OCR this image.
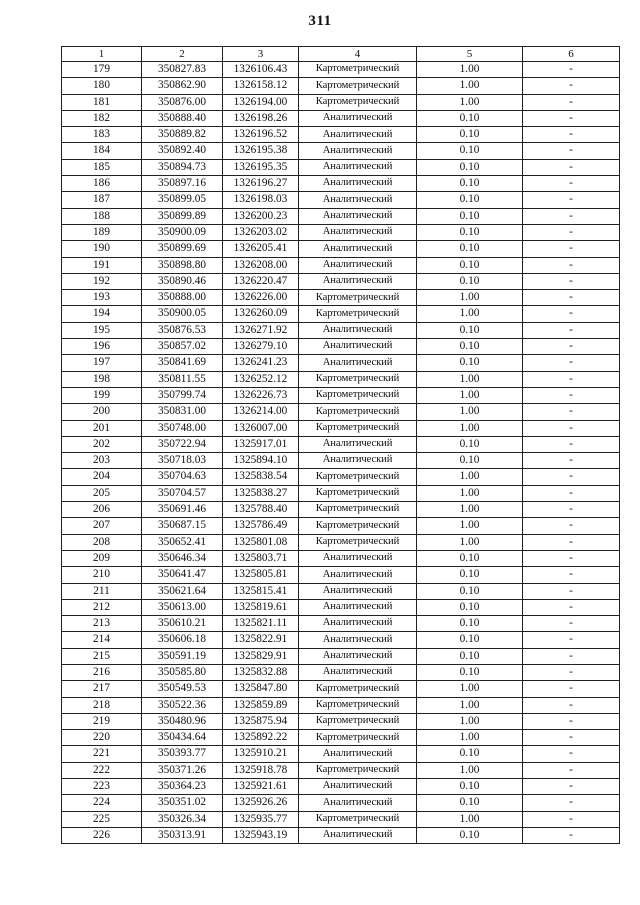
311
1	2	3	4	5	6
179	350827.83	1326106.43	Картометрический	1.00	-
180	350862.90	1326158.12	Картометрический	1.00	-
181	350876.00	1326194.00	Картометрический	1.00	-
182	350888.40	1326198.26	Аналитический	0.10	-
183	350889.82	1326196.52	Аналитический	0.10	-
184	350892.40	1326195.38	Аналитический	0.10	-
185	350894.73	1326195.35	Аналитический	0.10	-
186	350897.16	1326196.27	Аналитический	0.10	-
187	350899.05	1326198.03	Аналитический	0.10	-
188	350899.89	1326200.23	Аналитический	0.10	-
189	350900.09	1326203.02	Аналитический	0.10	-
190	350899.69	1326205.41	Аналитический	0.10	-
191	350898.80	1326208.00	Аналитический	0.10	-
192	350890.46	1326220.47	Аналитический	0.10	-
193	350888.00	1326226.00	Картометрический	1.00	-
194	350900.05	1326260.09	Картометрический	1.00	-
195	350876.53	1326271.92	Аналитический	0.10	-
196	350857.02	1326279.10	Аналитический	0.10	-
197	350841.69	1326241.23	Аналитический	0.10	-
198	350811.55	1326252.12	Картометрический	1.00	-
199	350799.74	1326226.73	Картометрический	1.00	-
200	350831.00	1326214.00	Картометрический	1.00	-
201	350748.00	1326007.00	Картометрический	1.00	-
202	350722.94	1325917.01	Аналитический	0.10	-
203	350718.03	1325894.10	Аналитический	0.10	-
204	350704.63	1325838.54	Картометрический	1.00	-
205	350704.57	1325838.27	Картометрический	1.00	-
206	350691.46	1325788.40	Картометрический	1.00	-
207	350687.15	1325786.49	Картометрический	1.00	-
208	350652.41	1325801.08	Картометрический	1.00	-
209	350646.34	1325803.71	Аналитический	0.10	-
210	350641.47	1325805.81	Аналитический	0.10	-
211	350621.64	1325815.41	Аналитический	0.10	-
212	350613.00	1325819.61	Аналитический	0.10	-
213	350610.21	1325821.11	Аналитический	0.10	-
214	350606.18	1325822.91	Аналитический	0.10	-
215	350591.19	1325829.91	Аналитический	0.10	-
216	350585.80	1325832.88	Аналитический	0.10	-
217	350549.53	1325847.80	Картометрический	1.00	-
218	350522.36	1325859.89	Картометрический	1.00	-
219	350480.96	1325875.94	Картометрический	1.00	-
220	350434.64	1325892.22	Картометрический	1.00	-
221	350393.77	1325910.21	Аналитический	0.10	-
222	350371.26	1325918.78	Картометрический	1.00	-
223	350364.23	1325921.61	Аналитический	0.10	-
224	350351.02	1325926.26	Аналитический	0.10	-
225	350326.34	1325935.77	Картометрический	1.00	-
226	350313.91	1325943.19	Аналитический	0.10	-
